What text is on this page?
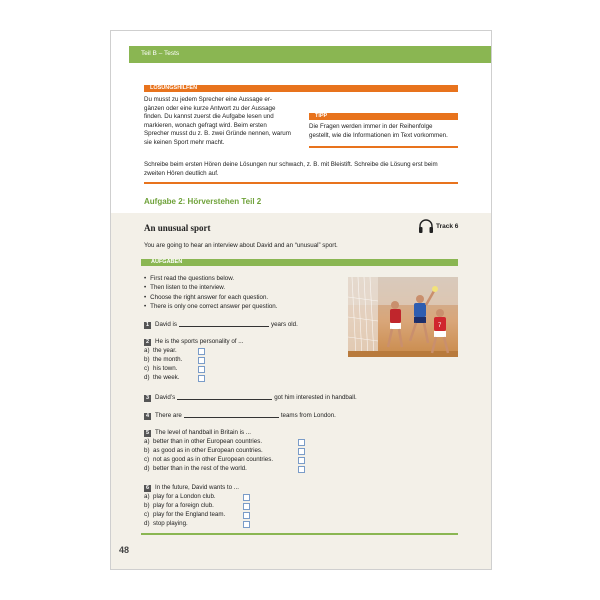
Teil B – Tests
LÖSUNGSHILFEN
Du musst zu jedem Sprecher eine Aussage er-
gänzen oder eine kurze Antwort zu der Aussage
finden. Du kannst zuerst die Aufgabe lesen und
markieren, wonach gefragt wird. Beim ersten
Sprecher musst du z. B. zwei Gründe nennen, warum
sie keinen Sport mehr macht.
TIPP
Die Fragen werden immer in der Reihenfolge
gestellt, wie die Informationen im Text vorkommen.
Schreibe beim ersten Hören deine Lösungen nur schwach, z. B. mit Bleistift. Schreibe die Lösung erst beim
zweiten Hören deutlich auf.
Aufgabe 2: Hörverstehen Teil 2
An unusual sport	Track 6
You are going to hear an interview about David and an “unusual” sport.
AUFGABEN
• First read the questions below.
• Then listen to the interview.
• Choose the right answer for each question.
• There is only one correct answer per question.
7
1 David is	years old.
2 He is the sports personality of ...
a) the year.
b) the month.
c) his town.
d) the week.
3 David’s	got him interested in handball.
4 There are	teams from London.
5 The level of handball in Britain is ...
a) better than in other European countries.
b) as good as in other European countries.
c) not as good as in other European countries.
d) better than in the rest of the world.
6 In the future, David wants to ...
a) play for a London club.
b) play for a foreign club.
c) play for the England team.
d) stop playing.
48
